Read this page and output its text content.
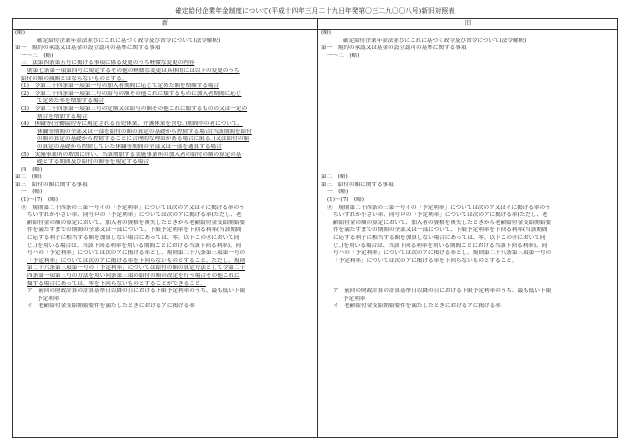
確定給付企業年金制度について(平成十四年三月二十九日年発第〇三二九〇〇八号)新旧対照表
新	旧
(略)
確定給付企業年金法並びにこれに基づく政令及び省令について(法令解釈)
第一　規約の承認又は基金の設立認可の基準に関する事項
一～二　(略)
三　法第四条第五号に掲げる事項に係る変更のうち軽微な変更の内容
則第七条第一項第四号に規定するその他の軽微な変更は具体的には以下の変更のうち
給付の額の減額とはならないものとする。
(1)　令第二十四条第一項第一号の加入者期間に応じて定めた額を増額する場合
(2)　令第二十四条第一項第二号の給与の額その他これに類するものに加入者期間に応じ
て定めた率を増加する場合
(3)　令第二十四条第一項第三号の定額又は給与の額その他これに類するものの又は一定の
割合を増加する場合
(4)　休職等(労働協約等に規定される育児休業、介護休業を含む。)期間中の者について、
休職等期間の全部又は一部を給付の額の算定の基礎から控除する場合(当該期間を給付
の額の算定の基礎から控除することに合理的な理由がある場合に限る。)又は給付の額
の算定の基礎から控除していた休職等期間の全部又は一部を通算する場合
(5)　実施事業所の増加に伴い、当該増加する実施事業所の加入者の給付の額の算定の基
礎とする期間及び給付の額等を規定する場合
四　(略)
第二　(略)
第三　給付の額に関する事項
一　(略)
(1)～(7)　(略)
⑧　規則第二十四条の三第一号イの「予定利率」については次のア又はイに掲げる率のう
ちいずれか小さい率、同号ロの「予定利率」については次のアに掲げる率(ただし、老
齢給付金の額の算定において、加入者の資格を喪失したときから老齢給付金支給開始要
件を満たすまでの期間の全部又は一部について、下限予定利率を下回る利率(当該期間
に応ずる利子に相当する額を加算しない場合にあっては、零。以下この⑧において同
じ。)を用いる場合は、当該下回る利率を用いる期間ごとにおける当該下回る利率)、同
号ハの「予定利率」については次のアに掲げる率とし、規則第二十八条第三項第一号の
「予定利率」については次のアに掲げる率を下回らないものとすること。ただし、規則
第二十六条第三項第一号の「予定利率」については給付の額の算定方法として令第二十
四条第一項第三号の方法を用い同条第三項の給付の額の改定を行う場合その他これに
類する場合にあっては、零を下回らないものとすることができること。
ア　前回の財政計算の計算基準日以降の日における下限予定利率のうち、最も低い下限
予定利率
イ　老齢給付金支給開始要件を満たしたときにおけるアに掲げる率
(略)
確定給付企業年金法並びにこれに基づく政令及び省令について(法令解釈)
第一　規約の承認又は基金の設立認可の基準に関する事項
一～二　(略)
第二　(略)
第三　給付の額に関する事項
一　(略)
(1)～(7)　(略)
⑧　規則第二十四条の三第一号イの「予定利率」については次のア又はイに掲げる率のう
ちいずれか小さい率、同号ロの「予定利率」については次のアに掲げる率(ただし、老
齢給付金の額の算定において、加入者の資格を喪失したときから老齢給付金支給開始要
件を満たすまでの期間の全部又は一部について、下限予定利率を下回る利率(当該期間
に応ずる利子に相当する額を加算しない場合にあっては、零。以下この⑧において同
じ。)を用いる場合は、当該下回る利率を用いる期間ごとにおける当該下回る利率)、同
号ハの「予定利率」については次のアに掲げる率とし、規則第二十八条第三項第一号の
「予定利率」については次のアに掲げる率を下回らないものとすること。
ア　前回の財政計算の計算基準日以降の日における下限予定利率のうち、最も低い下限
予定利率
イ　老齢給付金支給開始要件を満たしたときにおけるアに掲げる率
